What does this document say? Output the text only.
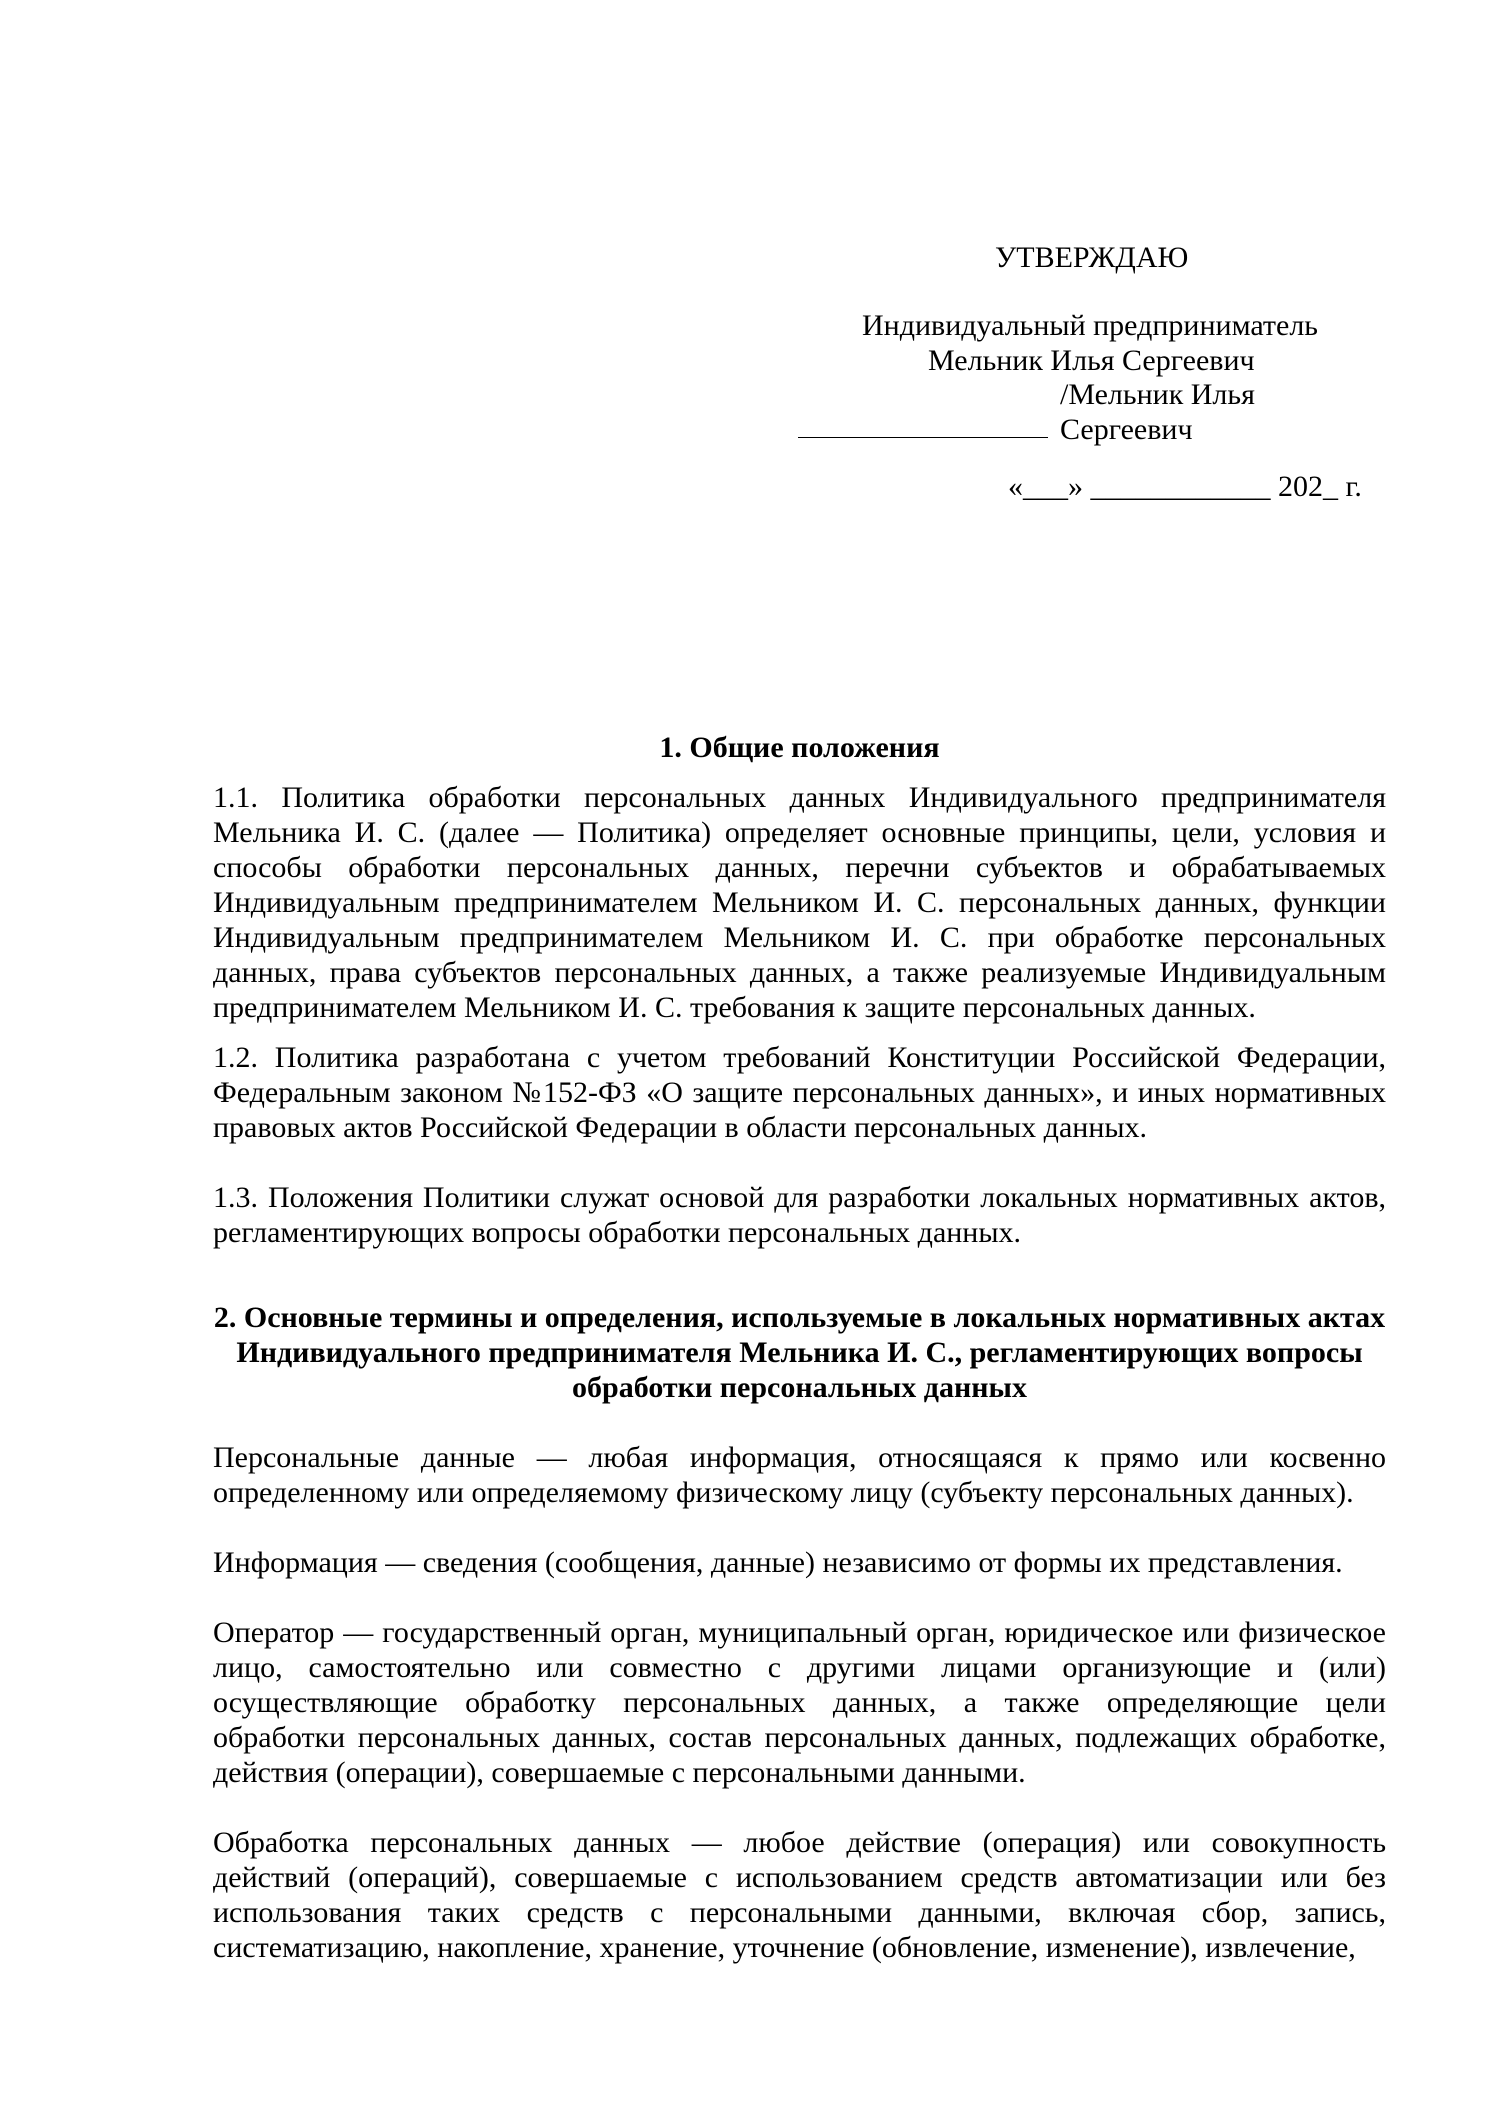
УТВЕРЖДАЮ
Индивидуальный предприниматель
Мельник Илья Сергеевич
/Мельник Илья Сергеевич
«___» ____________ 202_ г.
1. Общие положения

1.1. Политика обработки персональных данных Индивидуального предпринимателя Мельника И. С. (далее — Политика) определяет основные принципы, цели, условия и способы обработки персональных данных, перечни субъектов и обрабатываемых Индивидуальным предпринимателем Мельником И. С. персональных данных, функции Индивидуальным предпринимателем Мельником И. С. при обработке персональных данных, права субъектов персональных данных, а также реализуемые Индивидуальным предпринимателем Мельником И. С. требования к защите персональных данных.

1.2. Политика разработана с учетом требований Конституции Российской Федерации, Федеральным законом №152-ФЗ «О защите персональных данных», и иных нормативных правовых актов Российской Федерации в области персональных данных.

1.3. Положения Политики служат основой для разработки локальных нормативных актов, регламентирующих вопросы обработки персональных данных.

2. Основные термины и определения, используемые в локальных нормативных актах Индивидуального предпринимателя Мельника И. С., регламентирующих вопросы обработки персональных данных

Персональные данные — любая информация, относящаяся к прямо или косвенно определенному или определяемому физическому лицу (субъекту персональных данных).

Информация — сведения (сообщения, данные) независимо от формы их представления.

Оператор — государственный орган, муниципальный орган, юридическое или физическое лицо, самостоятельно или совместно с другими лицами организующие и (или) осуществляющие обработку персональных данных, а также определяющие цели обработки персональных данных, состав персональных данных, подлежащих обработке, действия (операции), совершаемые с персональными данными.

Обработка персональных данных — любое действие (операция) или совокупность действий (операций), совершаемые с использованием средств автоматизации или без использования таких средств с персональными данными, включая сбор, запись, систематизацию, накопление, хранение, уточнение (обновление, изменение), извлечение,
